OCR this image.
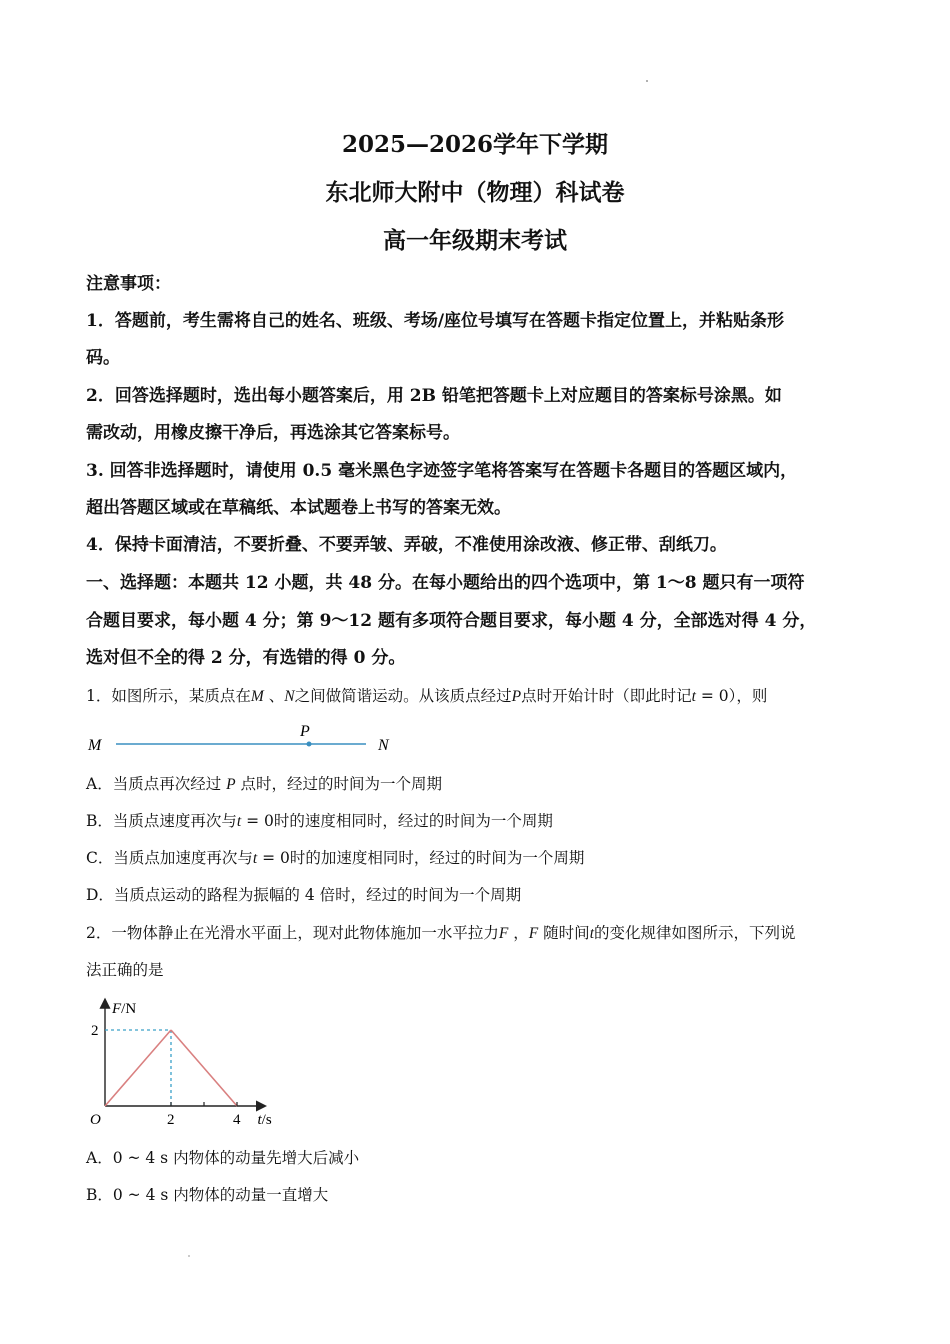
2025—2026学年下学期
东北师大附中（物理）科试卷
高一年级期末考试
注意事项：
1．答题前，考生需将自己的姓名、班级、考场/座位号填写在答题卡指定位置上，并粘贴条形
码。
2．回答选择题时，选出每小题答案后，用 2B 铅笔把答题卡上对应题目的答案标号涂黑。如
需改动，用橡皮擦干净后，再选涂其它答案标号。
3. 回答非选择题时，请使用 0.5 毫米黑色字迹签字笔将答案写在答题卡各题目的答题区域内，
超出答题区域或在草稿纸、本试题卷上书写的答案无效。
4．保持卡面清洁，不要折叠、不要弄皱、弄破，不准使用涂改液、修正带、刮纸刀。
一、选择题：本题共 12 小题，共 48 分。在每小题给出的四个选项中，第 1～8 题只有一项符
合题目要求，每小题 4 分；第 9～12 题有多项符合题目要求，每小题 4 分，全部选对得 4 分，
选对但不全的得 2 分，有选错的得 0 分。
1．如图所示，某质点在M 、N之间做简谐运动。从该质点经过P点时开始计时（即此时记t = 0），则
M
P
N
A．当质点再次经过 P 点时，经过的时间为一个周期
B．当质点速度再次与t = 0时的速度相同时，经过的时间为一个周期
C．当质点加速度再次与t = 0时的加速度相同时，经过的时间为一个周期
D．当质点运动的路程为振幅的 4 倍时，经过的时间为一个周期
2．一物体静止在光滑水平面上，现对此物体施加一水平拉力F ，F 随时间t的变化规律如图所示，下列说
法正确的是
2	4
2
F/N
t/s
O
A．0 ~ 4 s 内物体的动量先增大后减小
B．0 ~ 4 s 内物体的动量一直增大
